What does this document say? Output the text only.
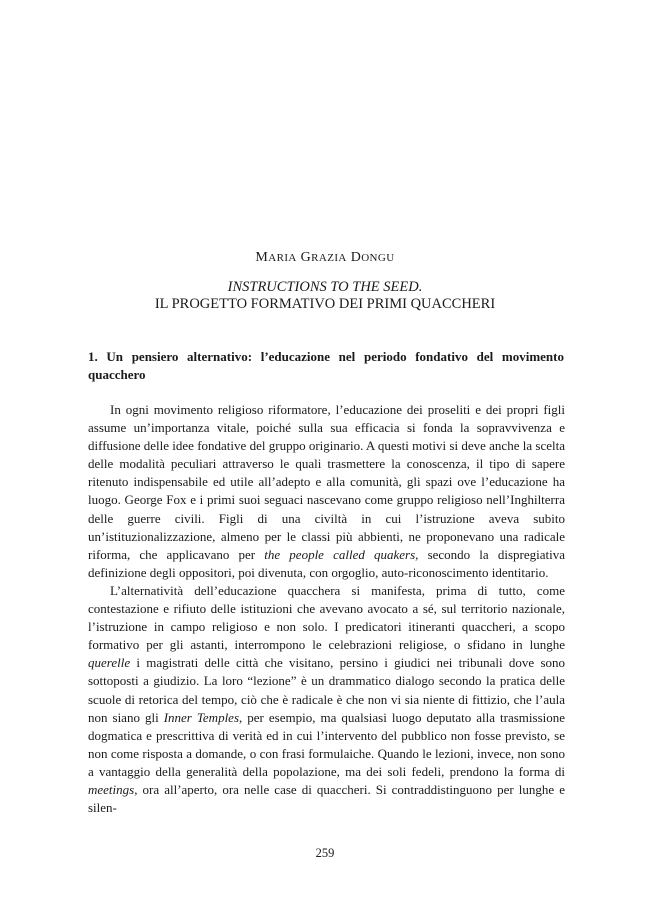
MARIA GRAZIA DONGU
INSTRUCTIONS TO THE SEED.
IL PROGETTO FORMATIVO DEI PRIMI QUACCHERI
1. Un pensiero alternativo: l’educazione nel periodo fondativo del movimento quacchero

In ogni movimento religioso riformatore, l’educazione dei proseliti e dei propri figli assume un’importanza vitale, poiché sulla sua efficacia si fonda la sopravvivenza e diffusione delle idee fondative del gruppo originario. A questi motivi si deve anche la scelta delle modalità peculiari attraverso le quali trasmettere la conoscenza, il tipo di sapere ritenuto indispensabile ed utile all’adepto e alla comunità, gli spazi ove l’educazione ha luogo. George Fox e i primi suoi seguaci nascevano come gruppo religioso nell’Inghilterra delle guerre civili. Figli di una civiltà in cui l’istruzione aveva subito un’istituzionalizzazione, almeno per le classi più abbienti, ne proponevano una radicale riforma, che applicavano per the people called quakers, secondo la dispregiativa definizione degli oppositori, poi divenuta, con orgoglio, auto-riconoscimento identitario.

L’alternatività dell’educazione quacchera si manifesta, prima di tutto, come contestazione e rifiuto delle istituzioni che avevano avocato a sé, sul territorio nazionale, l’istruzione in campo religioso e non solo. I predicatori itineranti quaccheri, a scopo formativo per gli astanti, interrompono le celebrazioni religiose, o sfidano in lunghe querelle i magistrati delle città che visitano, persino i giudici nei tribunali dove sono sottoposti a giudizio. La loro “lezione” è un drammatico dialogo secondo la pratica delle scuole di retorica del tempo, ciò che è radicale è che non vi sia niente di fittizio, che l’aula non siano gli Inner Temples, per esempio, ma qualsiasi luogo deputato alla trasmissione dogmatica e prescrittiva di verità ed in cui l’intervento del pubblico non fosse previsto, se non come risposta a domande, o con frasi formulaiche. Quando le lezioni, invece, non sono a vantaggio della generalità della popolazione, ma dei soli fedeli, prendono la forma di meetings, ora all’aperto, ora nelle case di quaccheri. Si contraddistinguono per lunghe e silen-

259
